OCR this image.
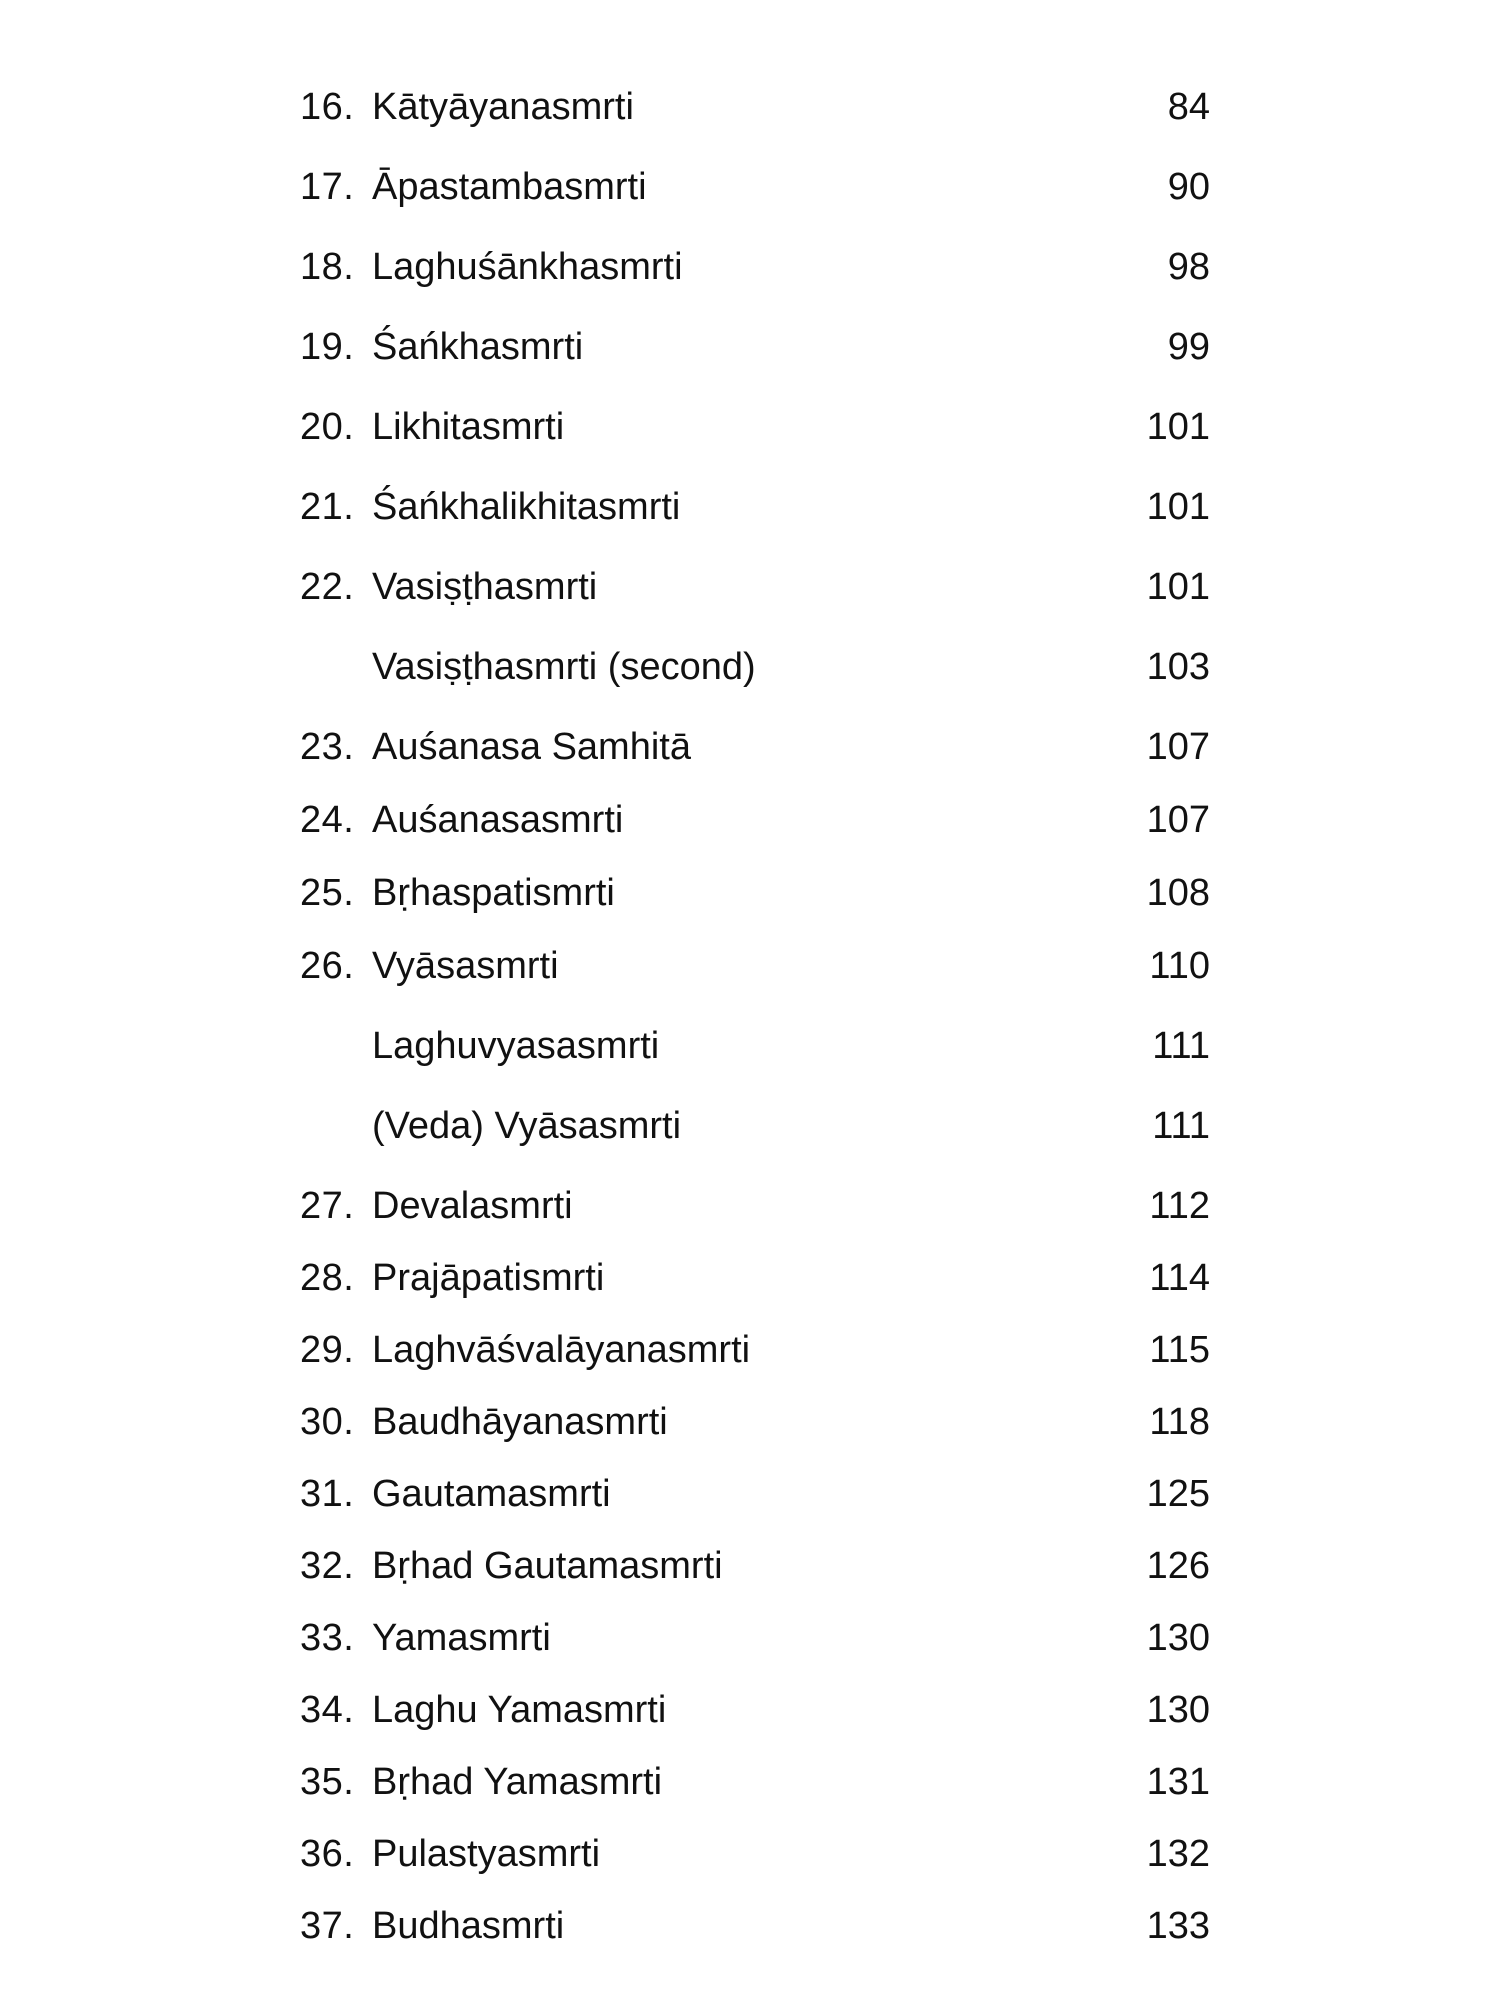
16. Kātyāyanasmrti	84
17. Āpastambasmrti	90
18. Laghuśānkhasmrti	98
19. Śańkhasmrti	99
20. Likhitasmrti	101
21. Śańkhalikhitasmrti	101
22. Vasiṣṭhasmrti	101
Vasiṣṭhasmrti (second)	103
23. Auśanasa Samhitā	107
24. Auśanasasmrti	107
25. Bṛhaspatismrti	108
26. Vyāsasmrti	110
Laghuvyasasmrti	111
(Veda) Vyāsasmrti	111
27. Devalasmrti	112
28. Prajāpatismrti	114
29. Laghvāśvalāyanasmrti	115
30. Baudhāyanasmrti	118
31. Gautamasmrti	125
32. Bṛhad Gautamasmrti	126
33. Yamasmrti	130
34. Laghu Yamasmrti	130
35. Bṛhad Yamasmrti	131
36. Pulastyasmrti	132
37. Budhasmrti	133
